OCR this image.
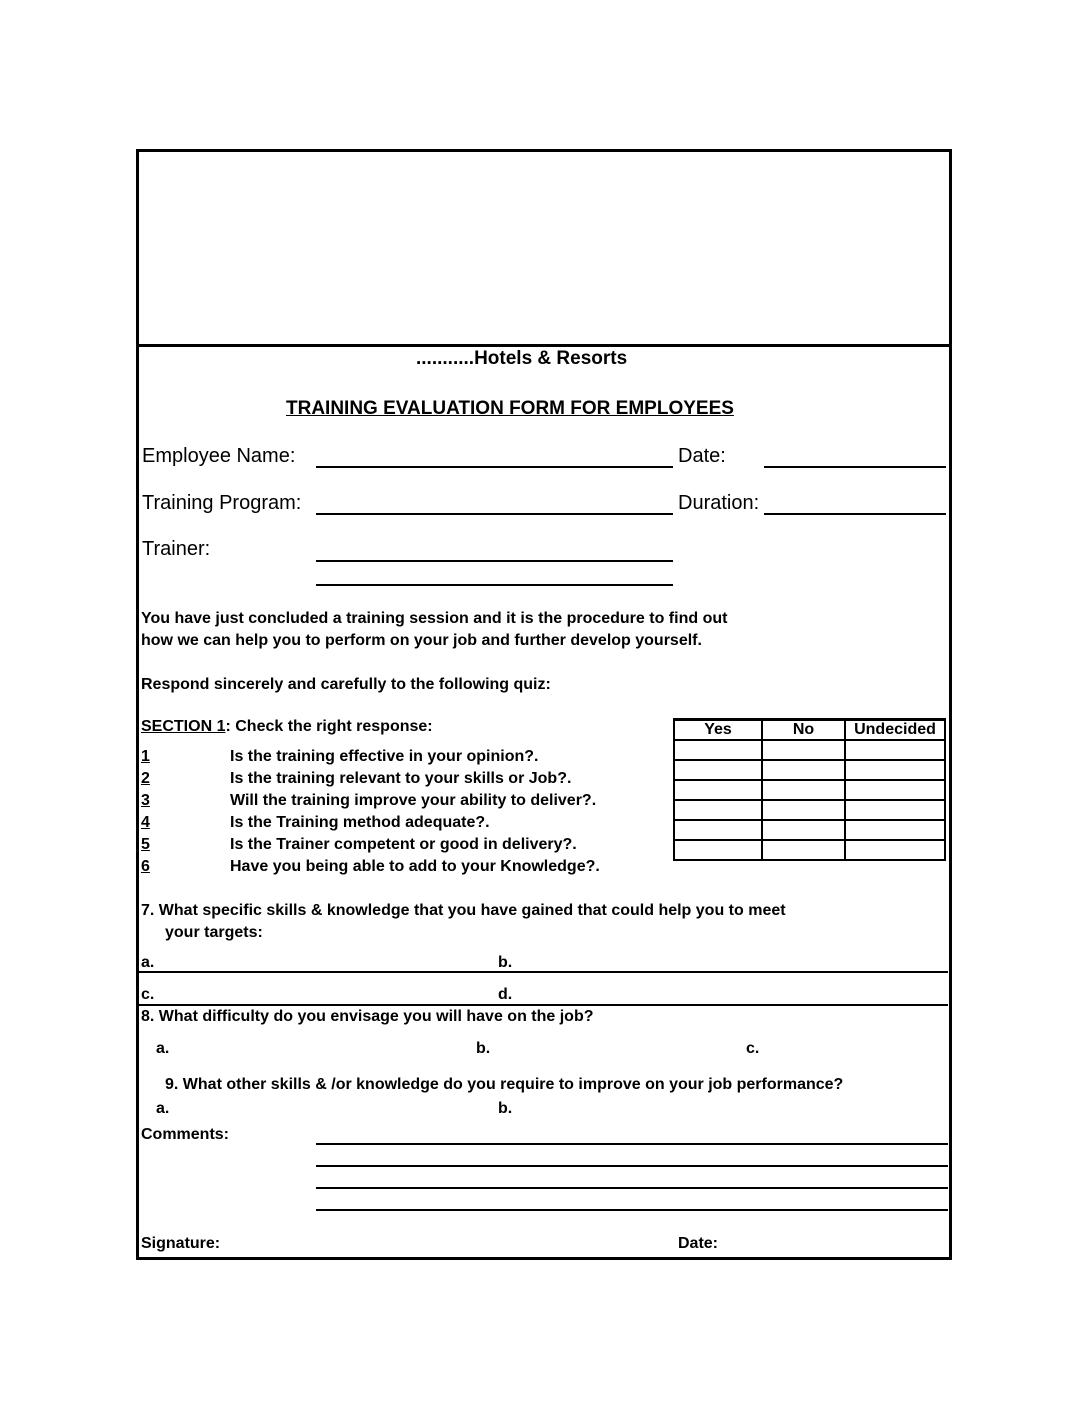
...........Hotels & Resorts
TRAINING EVALUATION FORM FOR EMPLOYEES
Employee Name:	Date:
Training Program:	Duration:
Trainer:
You have just concluded a training session and it is the procedure to find out
how we can help you to perform on your job and further develop yourself.
Respond sincerely and carefully to the following quiz:
SECTION 1: Check the right response:
1	Is the training effective in your opinion?.
2	Is the training relevant to your skills or Job?.
3	Will the training improve your ability to deliver?.
4	Is the Training method adequate?.
5	Is the Trainer competent or good in delivery?.
6	Have you being able to add to your Knowledge?.
Yes	No	Undecided

7. What specific skills & knowledge that you have gained that could help you to meet
your targets:
a.	b.
c.	d.
8. What difficulty do you envisage you will have on the job?
a.	b.	c.
9. What other skills & /or knowledge do you require to improve on your job performance?
a.	b.
Comments:
Signature:	Date:
